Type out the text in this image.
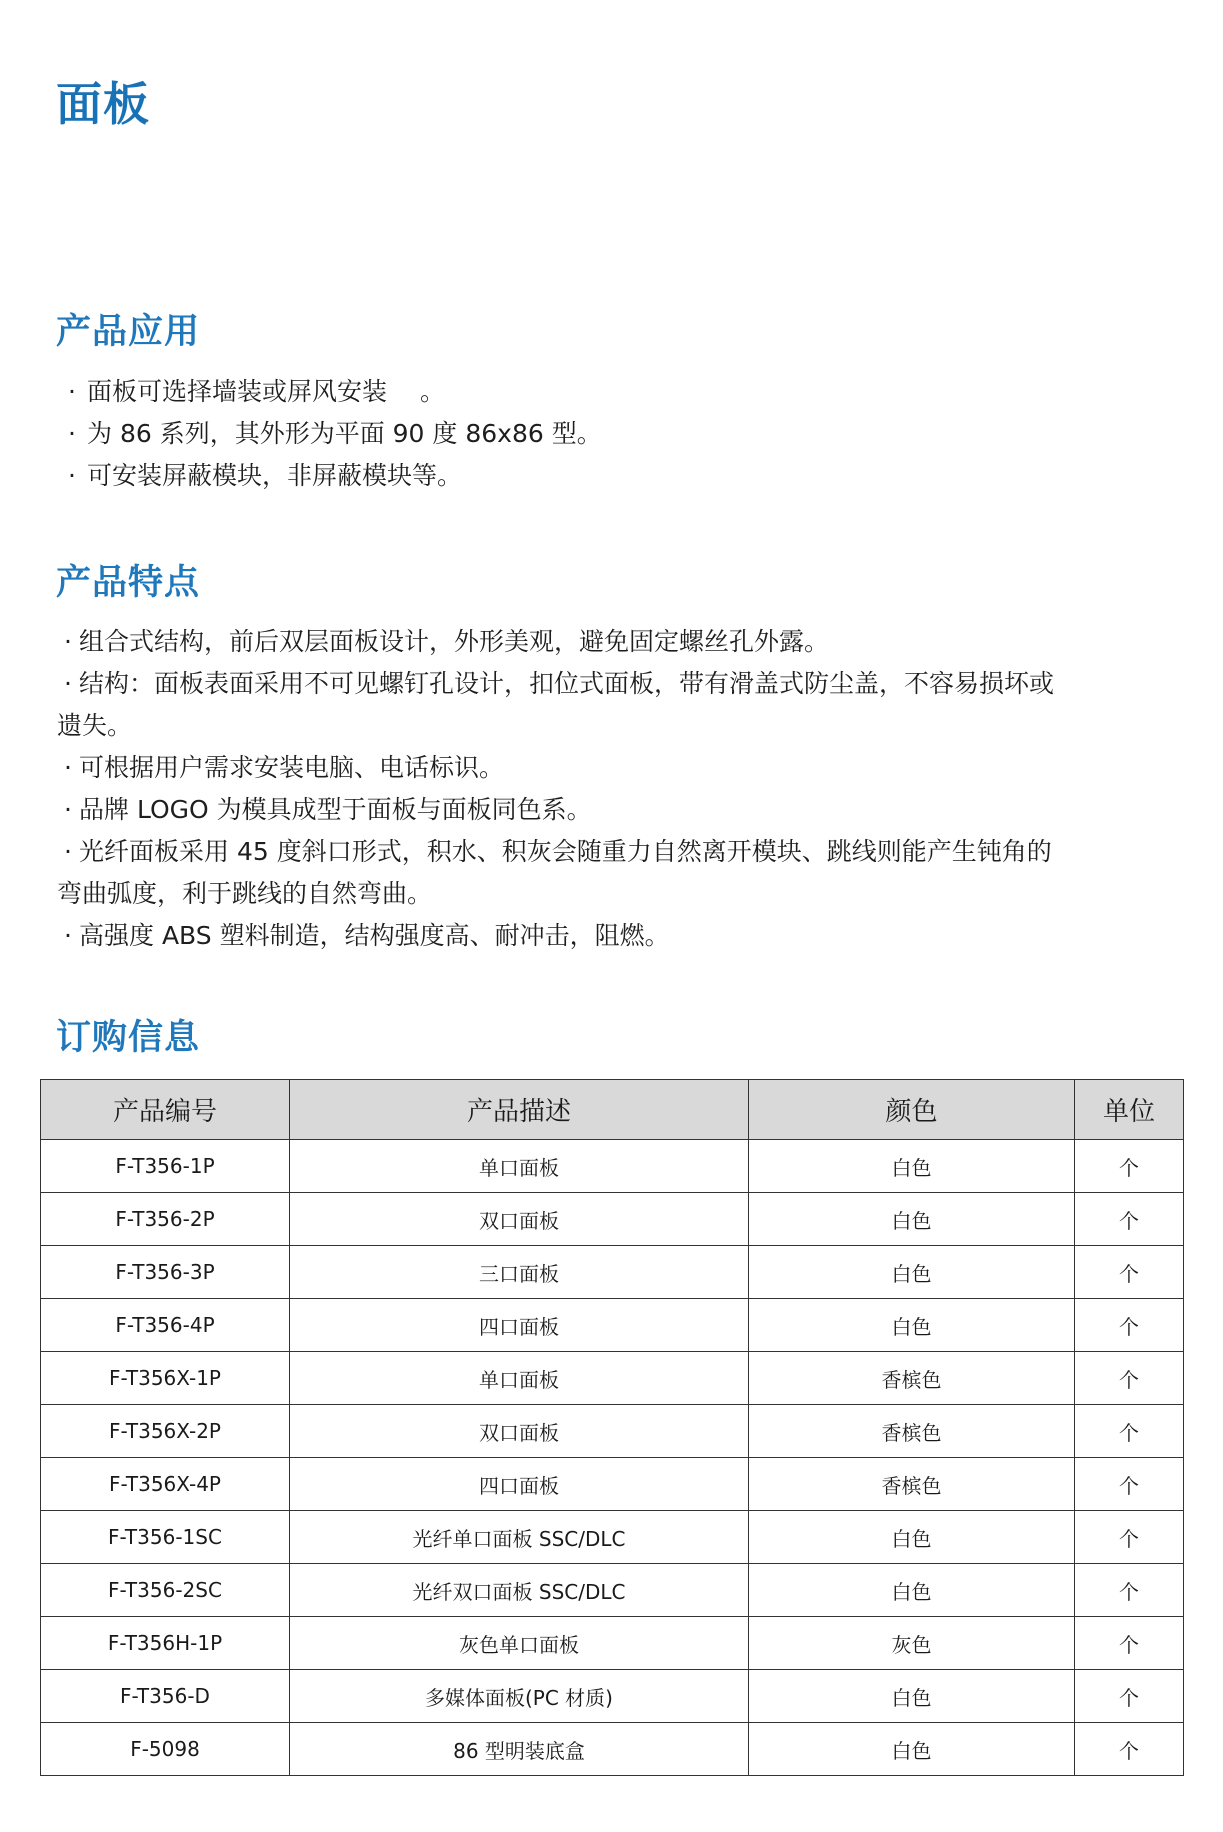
面板
产品应用
· 面板可选择墙装或屏风安装　 。
· 为 86 系列，其外形为平面 90 度 86x86 型。
· 可安装屏蔽模块，非屏蔽模块等。
产品特点
· 组合式结构，前后双层面板设计，外形美观，避免固定螺丝孔外露。
· 结构：面板表面采用不可见螺钉孔设计，扣位式面板，带有滑盖式防尘盖，不容易损坏或
遗失。
· 可根据用户需求安装电脑、电话标识。
· 品牌 LOGO 为模具成型于面板与面板同色系。
· 光纤面板采用 45 度斜口形式，积水、积灰会随重力自然离开模块、跳线则能产生钝角的
弯曲弧度，利于跳线的自然弯曲。
· 高强度 ABS 塑料制造，结构强度高、耐冲击，阻燃。
订购信息
产品编号	产品描述	颜色	单位
F-T356-1P	单口面板	白色	个
F-T356-2P	双口面板	白色	个
F-T356-3P	三口面板	白色	个
F-T356-4P	四口面板	白色	个
F-T356X-1P	单口面板	香槟色	个
F-T356X-2P	双口面板	香槟色	个
F-T356X-4P	四口面板	香槟色	个
F-T356-1SC	光纤单口面板 SSC/DLC	白色	个
F-T356-2SC	光纤双口面板 SSC/DLC	白色	个
F-T356H-1P	灰色单口面板	灰色	个
F-T356-D	多媒体面板(PC 材质)	白色	个
F-5098	86 型明装底盒	白色	个
